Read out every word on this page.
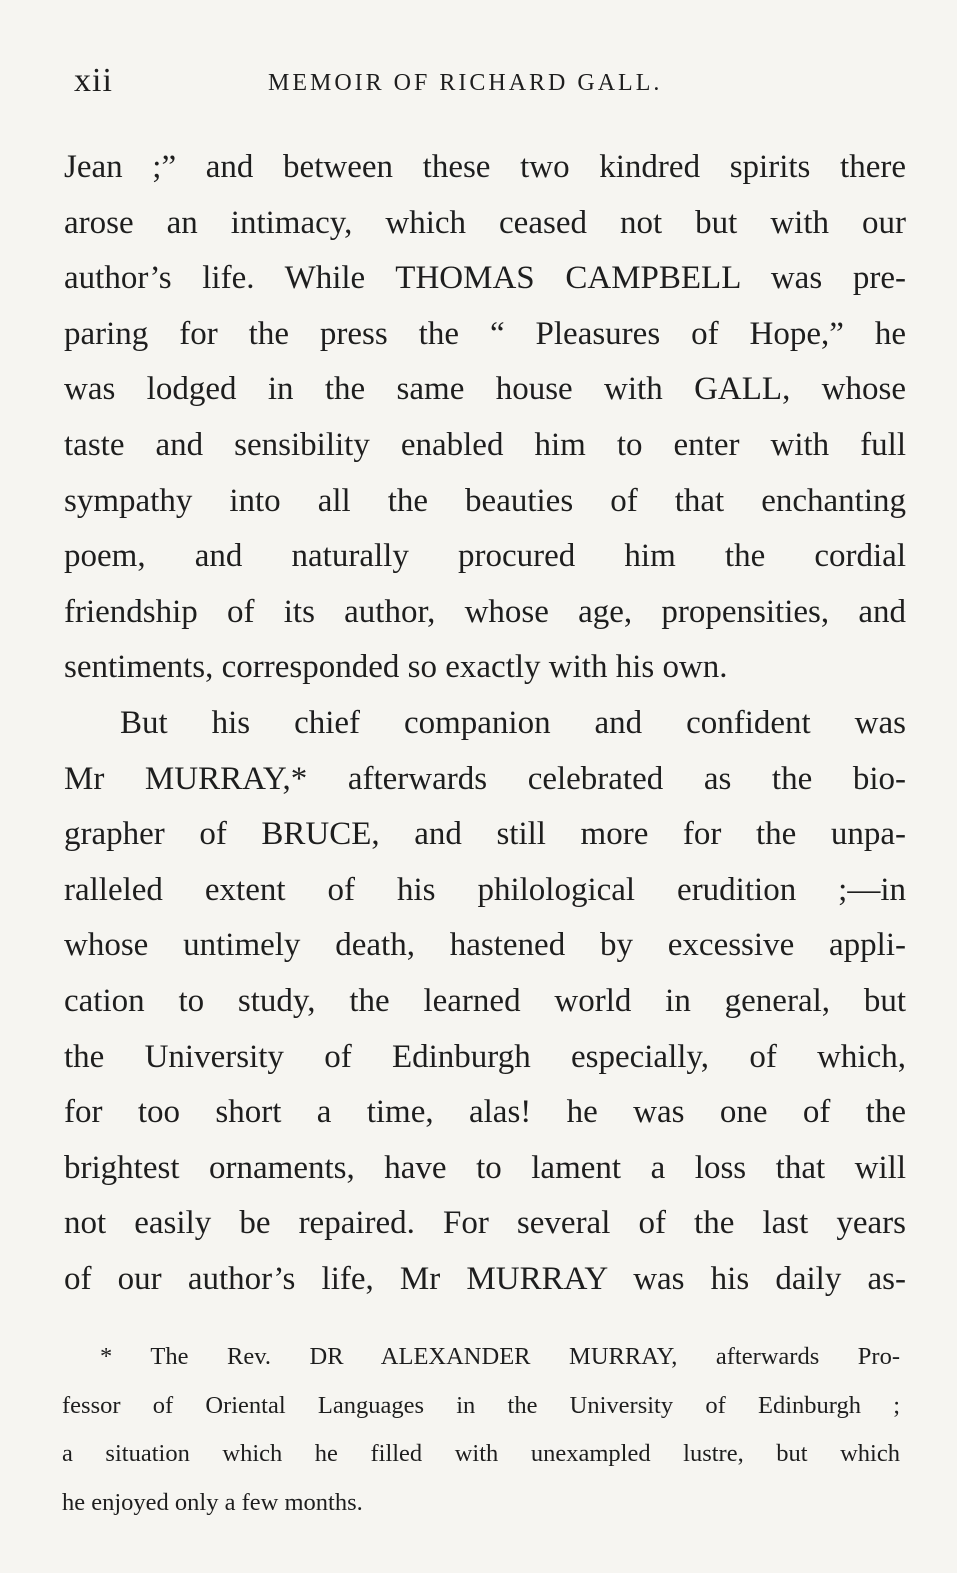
xii	MEMOIR OF RICHARD GALL.
Jean ;” and between these two kindred spirits there
arose an intimacy, which ceased not but with our
author’s life. While THOMAS CAMPBELL was pre-
paring for the press the “ Pleasures of Hope,” he
was lodged in the same house with GALL, whose
taste and sensibility enabled him to enter with full
sympathy into all the beauties of that enchanting
poem, and naturally procured him the cordial
friendship of its author, whose age, propensities, and
sentiments, corresponded so exactly with his own.
But his chief companion and confident was
Mr MURRAY,* afterwards celebrated as the bio-
grapher of BRUCE, and still more for the unpa-
ralleled extent of his philological erudition ;—in
whose untimely death, hastened by excessive appli-
cation to study, the learned world in general, but
the University of Edinburgh especially, of which,
for too short a time, alas! he was one of the
brightest ornaments, have to lament a loss that will
not easily be repaired. For several of the last years
of our author’s life, Mr MURRAY was his daily as-
* The Rev. DR ALEXANDER MURRAY, afterwards Pro-
fessor of Oriental Languages in the University of Edinburgh ;
a situation which he filled with unexampled lustre, but which
he enjoyed only a few months.
